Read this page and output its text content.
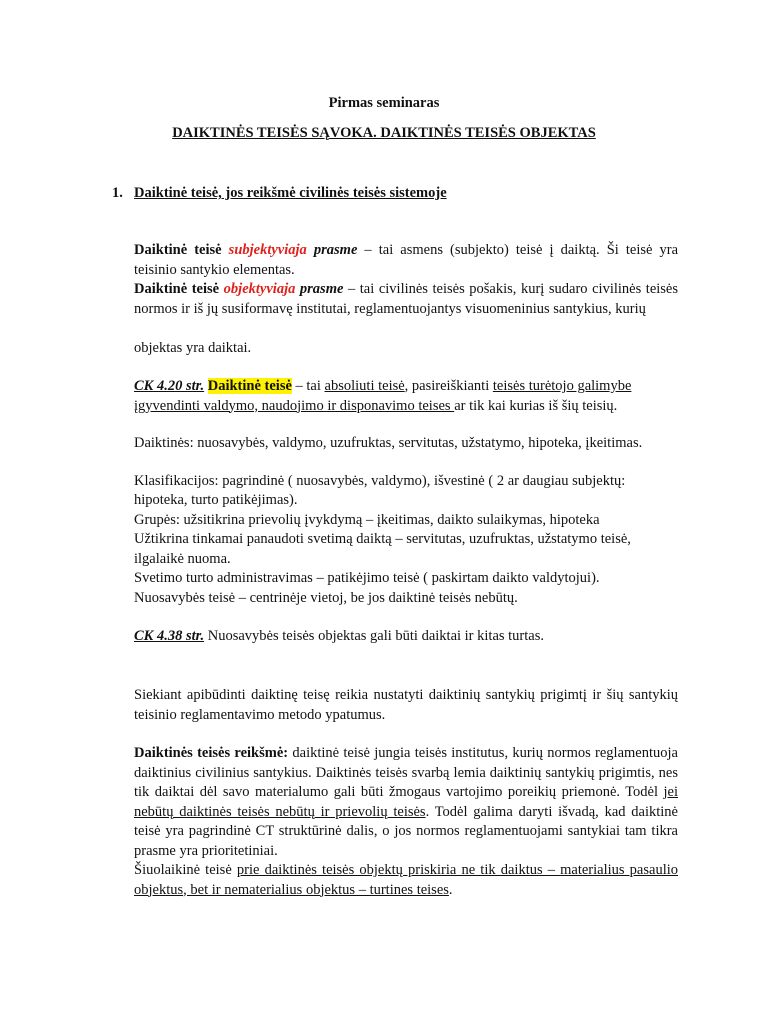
Pirmas seminaras

DAIKTINĖS TEISĖS SĄVOKA. DAIKTINĖS TEISĖS OBJEKTAS

1. Daiktinė teisė, jos reikšmė civilinės teisės sistemoje

Daiktinė teisė subjektyviaja prasme – tai asmens (subjekto) teisė į daiktą. Ši teisė yra teisinio santykio elementas.

Daiktinė teisė objektyviaja prasme – tai civilinės teisės pošakis, kurį sudaro civilinės teisės normos ir iš jų susiformavę institutai, reglamentuojantys visuomeninius santykius, kurių

objektas yra daiktai.

CK 4.20 str. Daiktinė teisė – tai absoliuti teisė, pasireiškianti teisės turėtojo galimybe įgyvendinti valdymo, naudojimo ir disponavimo teises ar tik kai kurias iš šių teisių.

Daiktinės: nuosavybės, valdymo, uzufruktas, servitutas, užstatymo, hipoteka, įkeitimas.

Klasifikacijos: pagrindinė ( nuosavybės, valdymo), išvestinė ( 2 ar daugiau subjektų:

hipoteka, turto patikėjimas).

Grupės: užsitikrina prievolių įvykdymą – įkeitimas, daikto sulaikymas, hipoteka

Užtikrina tinkamai panaudoti svetimą daiktą – servitutas, uzufruktas, užstatymo teisė,

ilgalaikė nuoma.

Svetimo turto administravimas – patikėjimo teisė ( paskirtam daikto valdytojui).

Nuosavybės teisė – centrinėje vietoj, be jos daiktinė teisės nebūtų.

CK 4.38 str. Nuosavybės teisės objektas gali būti daiktai ir kitas turtas.

Siekiant apibūdinti daiktinę teisę reikia nustatyti daiktinių santykių prigimtį ir šių santykių teisinio reglamentavimo metodo ypatumus.

Daiktinės teisės reikšmė: daiktinė teisė jungia teisės institutus, kurių normos reglamentuoja daiktinius civilinius santykius. Daiktinės teisės svarbą lemia daiktinių santykių prigimtis, nes tik daiktai dėl savo materialumo gali būti žmogaus vartojimo poreikių priemonė. Todėl jei nebūtų daiktinės teisės nebūtų ir prievolių teisės. Todėl galima daryti išvadą, kad daiktinė teisė yra pagrindinė CT struktūrinė dalis, o jos normos reglamentuojami santykiai tam tikra prasme yra prioritetiniai.

Šiuolaikinė teisė prie daiktinės teisės objektų priskiria ne tik daiktus – materialius pasaulio objektus, bet ir nematerialius objektus – turtines teises.
